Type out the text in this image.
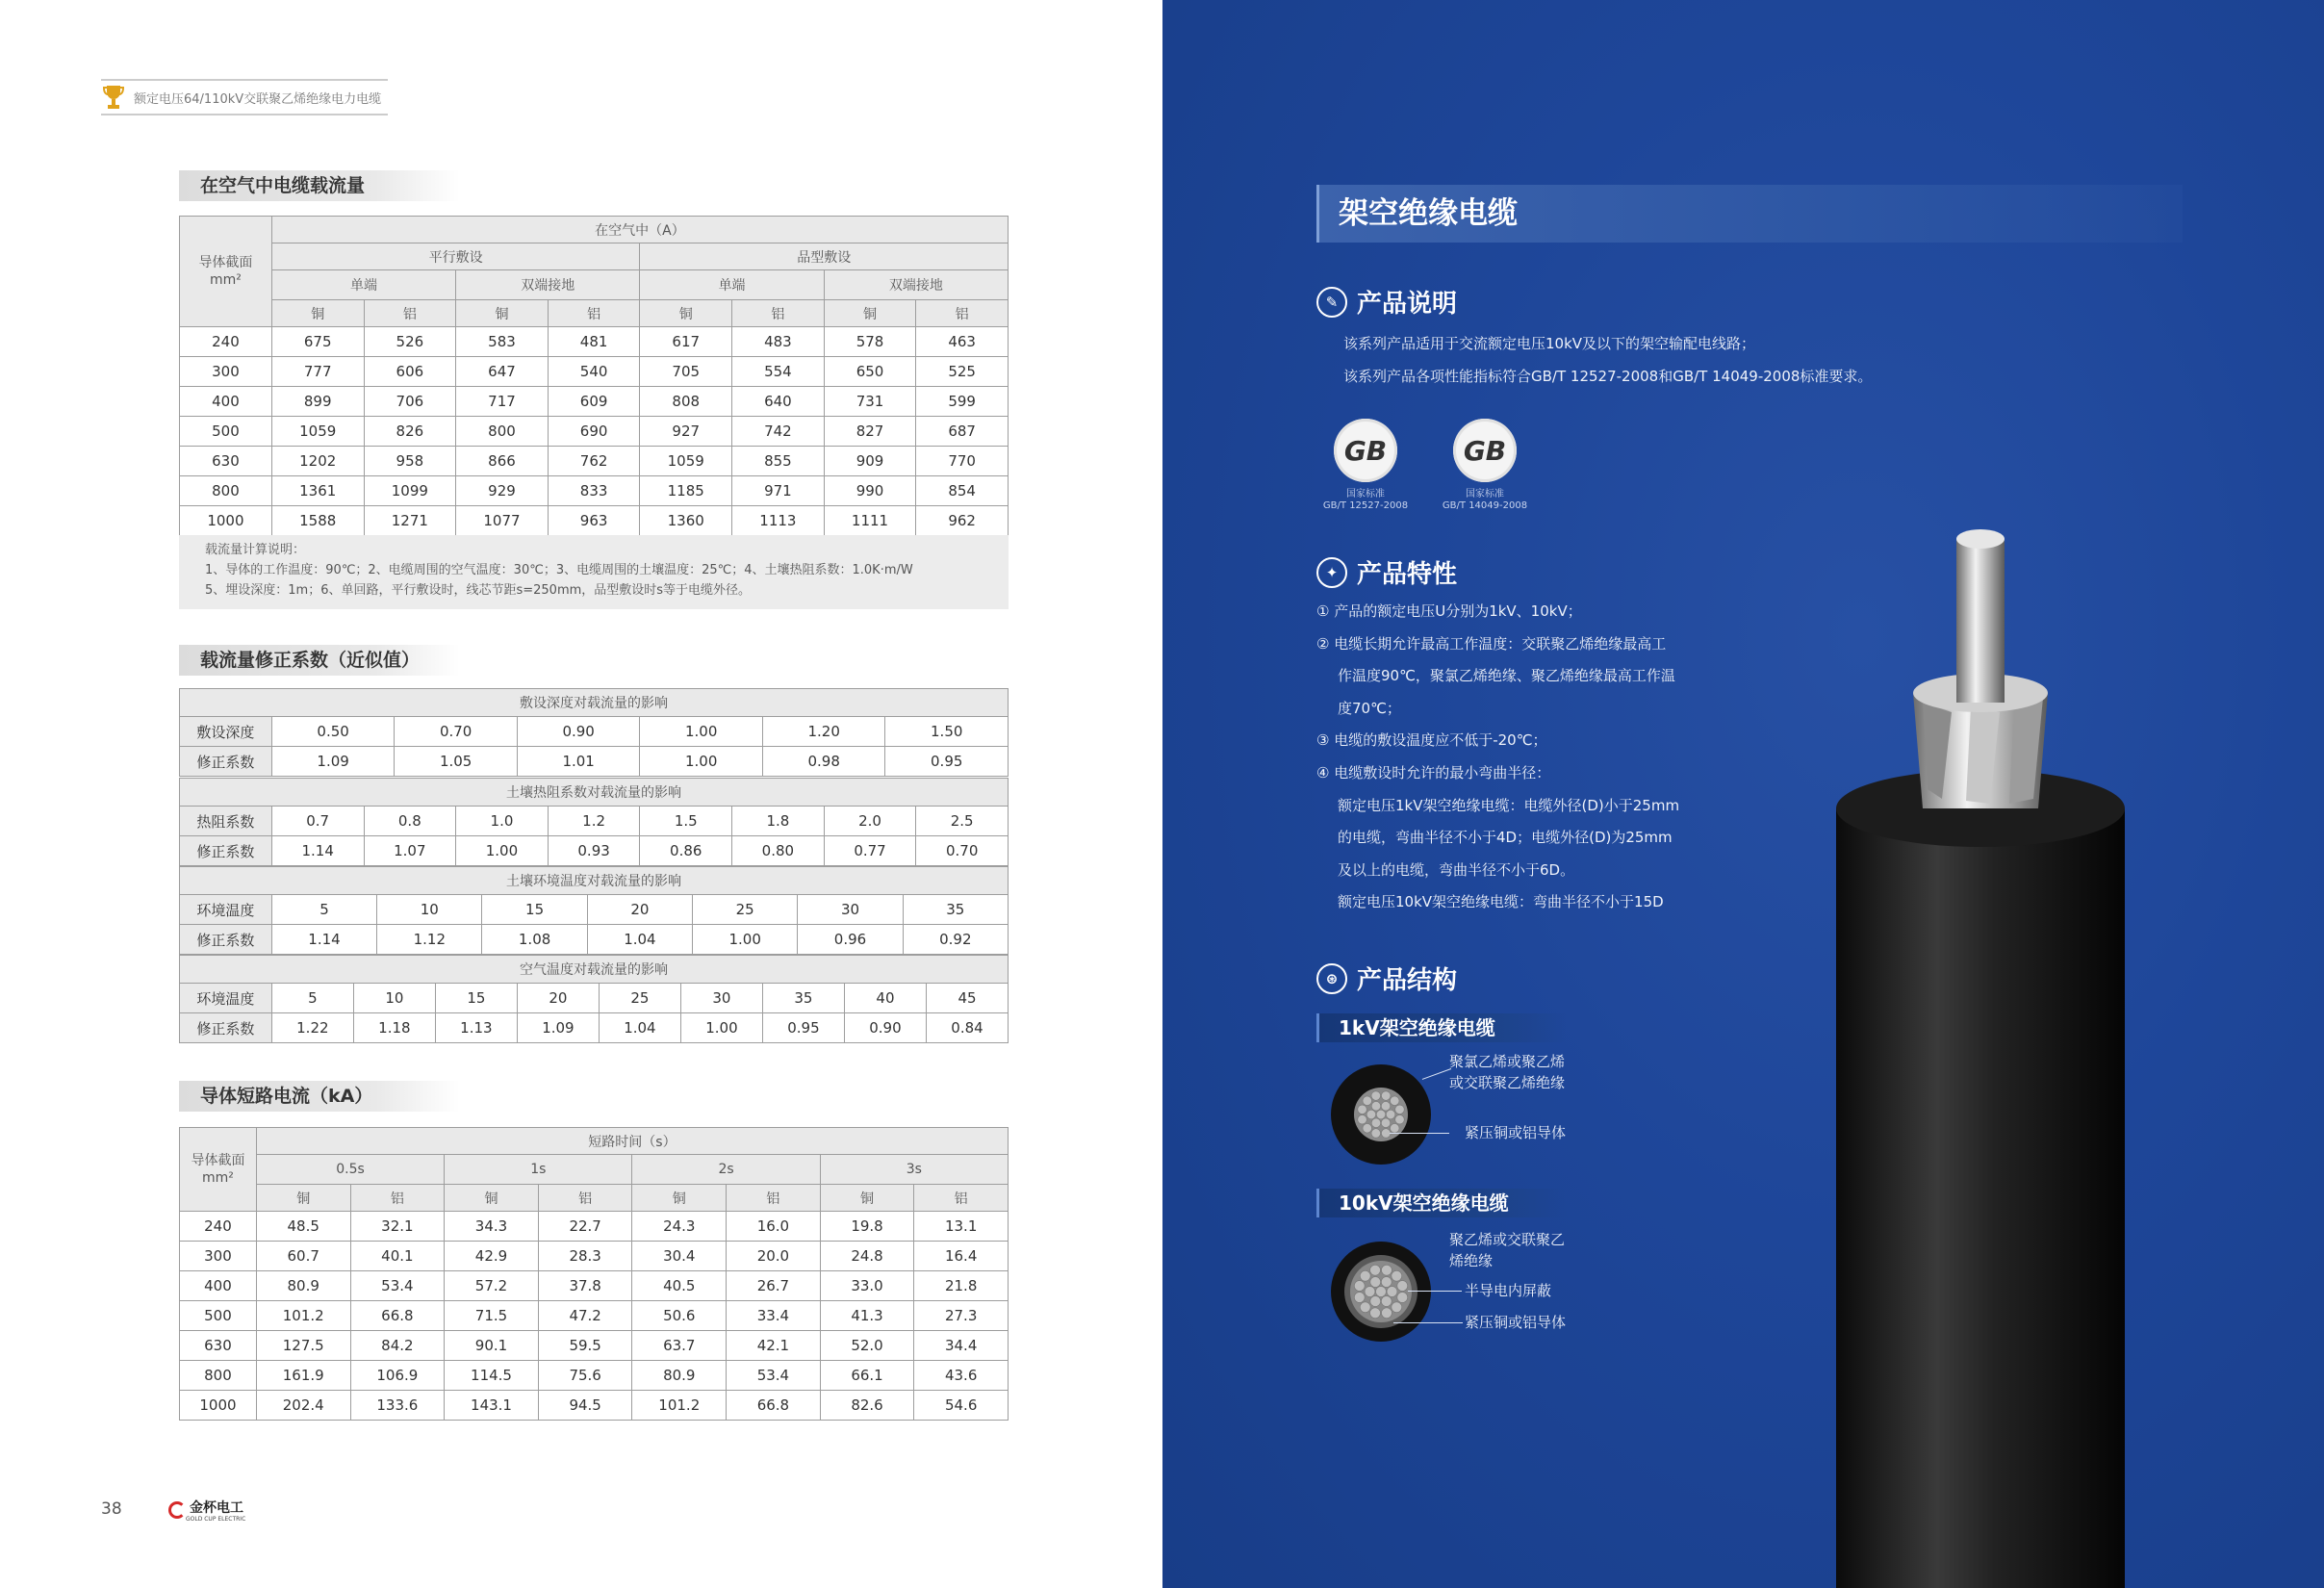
额定电压64/110kV交联聚乙烯绝缘电力电缆
在空气中电缆载流量
导体截面
mm²	在空气中（A）							
	平行敷设				品型敷设			
	单端		双端接地		单端		双端接地	
	铜	铝	铜	铝	铜	铝	铜	铝
240	675	526	583	481	617	483	578	463
300	777	606	647	540	705	554	650	525
400	899	706	717	609	808	640	731	599
500	1059	826	800	690	927	742	827	687
630	1202	958	866	762	1059	855	909	770
800	1361	1099	929	833	1185	971	990	854
1000	1588	1271	1077	963	1360	1113	1111	962
载流量计算说明：
1、导体的工作温度：90℃；2、电缆周围的空气温度：30℃；3、电缆周围的土壤温度：25℃；4、土壤热阻系数：1.0K·m/W
5、埋设深度：1m；6、单回路，平行敷设时，线芯节距s=250mm，品型敷设时s等于电缆外径。
载流量修正系数（近似值）
敷设深度对载流量的影响						
敷设深度	0.50	0.70	0.90	1.00	1.20	1.50
修正系数	1.09	1.05	1.01	1.00	0.98	0.95
土壤热阻系数对载流量的影响								
热阻系数	0.7	0.8	1.0	1.2	1.5	1.8	2.0	2.5
修正系数	1.14	1.07	1.00	0.93	0.86	0.80	0.77	0.70
土壤环境温度对载流量的影响							
环境温度	5	10	15	20	25	30	35
修正系数	1.14	1.12	1.08	1.04	1.00	0.96	0.92
空气温度对载流量的影响									
环境温度	5	10	15	20	25	30	35	40	45
修正系数	1.22	1.18	1.13	1.09	1.04	1.00	0.95	0.90	0.84
导体短路电流（kA）
导体截面
mm²	短路时间（s）							
	0.5s		1s		2s		3s	
	铜	铝	铜	铝	铜	铝	铜	铝
240	48.5	32.1	34.3	22.7	24.3	16.0	19.8	13.1
300	60.7	40.1	42.9	28.3	30.4	20.0	24.8	16.4
400	80.9	53.4	57.2	37.8	40.5	26.7	33.0	21.8
500	101.2	66.8	71.5	47.2	50.6	33.4	41.3	27.3
630	127.5	84.2	90.1	59.5	63.7	42.1	52.0	34.4
800	161.9	106.9	114.5	75.6	80.9	53.4	66.1	43.6
1000	202.4	133.6	143.1	94.5	101.2	66.8	82.6	54.6
38	金杯电工
GOLD CUP ELECTRIC
架空绝缘电缆
✎ 产品说明
该系列产品适用于交流额定电压10kV及以下的架空输配电线路；
该系列产品各项性能指标符合GB/T 12527-2008和GB/T 14049-2008标准要求。
GB
国家标准
GB/T 12527-2008
GB
国家标准
GB/T 14049-2008
✦ 产品特性
① 产品的额定电压U分别为1kV、10kV；
② 电缆长期允许最高工作温度：交联聚乙烯绝缘最高工
作温度90℃，聚氯乙烯绝缘、聚乙烯绝缘最高工作温
度70℃；
③ 电缆的敷设温度应不低于-20℃；
④ 电缆敷设时允许的最小弯曲半径：
额定电压1kV架空绝缘电缆：电缆外径(D)小于25mm
的电缆，弯曲半径不小于4D；电缆外径(D)为25mm
及以上的电缆，弯曲半径不小于6D。
额定电压10kV架空绝缘电缆：弯曲半径不小于15D
⊛ 产品结构
1kV架空绝缘电缆
聚氯乙烯或聚乙烯
或交联聚乙烯绝缘
紧压铜或铝导体
10kV架空绝缘电缆
聚乙烯或交联聚乙
烯绝缘
半导电内屏蔽
紧压铜或铝导体
